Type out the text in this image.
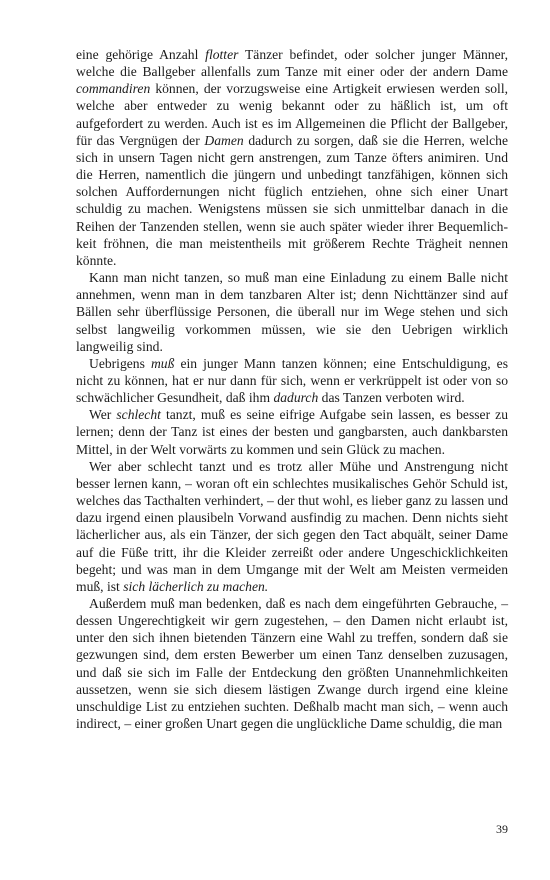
eine gehörige Anzahl flotter Tänzer befindet, oder solcher junger Männer, welche die Ballgeber allenfalls zum Tanze mit einer oder der andern Dame commandiren können, der vorzugsweise eine Artigkeit erwiesen werden soll, welche aber entweder zu wenig bekannt oder zu häßlich ist, um oft aufgefordert zu werden. Auch ist es im Allgemeinen die Pflicht der Ballgeber, für das Vergnügen der Damen dadurch zu sorgen, daß sie die Herren, welche sich in unsern Tagen nicht gern anstrengen, zum Tanze öfters animiren. Und die Herren, namentlich die jüngern und unbedingt tanzfähigen, können sich solchen Auffordernungen nicht füglich entziehen, ohne sich einer Unart schuldig zu machen. Wenigstens müssen sie sich unmittelbar danach in die Reihen der Tanzenden stellen, wenn sie auch später wieder ihrer Bequemlichkeit fröhnen, die man meistentheils mit größerem Rechte Trägheit nennen könnte.

Kann man nicht tanzen, so muß man eine Einladung zu einem Balle nicht annehmen, wenn man in dem tanzbaren Alter ist; denn Nichttänzer sind auf Bällen sehr überflüssige Personen, die überall nur im Wege stehen und sich selbst langweilig vorkommen müssen, wie sie den Uebrigen wirklich langweilig sind.

Uebrigens muß ein junger Mann tanzen können; eine Entschuldigung, es nicht zu können, hat er nur dann für sich, wenn er verkrüppelt ist oder von so schwächlicher Gesundheit, daß ihm dadurch das Tanzen verboten wird.

Wer schlecht tanzt, muß es seine eifrige Aufgabe sein lassen, es besser zu lernen; denn der Tanz ist eines der besten und gangbarsten, auch dankbarsten Mittel, in der Welt vorwärts zu kommen und sein Glück zu machen.

Wer aber schlecht tanzt und es trotz aller Mühe und Anstrengung nicht besser lernen kann, – woran oft ein schlechtes musikalisches Gehör Schuld ist, welches das Tacthalten verhindert, – der thut wohl, es lieber ganz zu lassen und dazu irgend einen plausibeln Vorwand ausfindig zu machen. Denn nichts sieht lächerlicher aus, als ein Tänzer, der sich gegen den Tact abquält, seiner Dame auf die Füße tritt, ihr die Kleider zerreißt oder andere Ungeschicklichkeiten begeht; und was man in dem Umgange mit der Welt am Meisten vermeiden muß, ist sich lächerlich zu machen.

Außerdem muß man bedenken, daß es nach dem eingeführten Gebrauche, – dessen Ungerechtigkeit wir gern zugestehen, – den Damen nicht erlaubt ist, unter den sich ihnen bietenden Tänzern eine Wahl zu treffen, sondern daß sie gezwungen sind, dem ersten Bewerber um einen Tanz denselben zuzusagen, und daß sie sich im Falle der Entdeckung den größten Unannehmlichkeiten aussetzen, wenn sie sich diesem lästigen Zwange durch irgend eine kleine unschuldige List zu entziehen suchten. Deßhalb macht man sich, – wenn auch indirect, – einer großen Unart gegen die unglückliche Dame schuldig, die man

39
